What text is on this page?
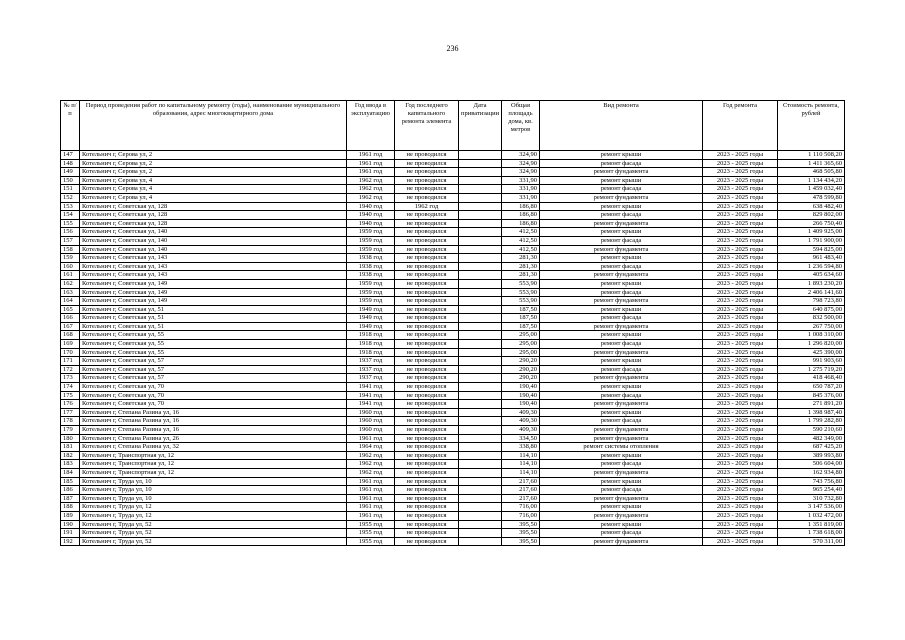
236
№ п/п	Период проведения работ по капитальному ремонту (годы), наименование муниципального образования, адрес многоквартирного дома	Год ввода в эксплуатацию	Год последнего капитального ремонта элемента	Дата приватизации	Общая площадь дома, кв. метров	Вид ремонта	Год ремонта	Стоимость ремонта, рублей
147	Котельнич г, Серова ул, 2	1961 год	не проводился		324,90	ремонт крыши	2023 - 2025 годы	1 110 508,20
148	Котельнич г, Серова ул, 2	1961 год	не проводился		324,90	ремонт фасада	2023 - 2025 годы	1 411 365,60
149	Котельнич г, Серова ул, 2	1961 год	не проводился		324,90	ремонт фундамента	2023 - 2025 годы	468 505,80
150	Котельнич г, Серова ул, 4	1962 год	не проводился		331,90	ремонт крыши	2023 - 2025 годы	1 134 434,20
151	Котельнич г, Серова ул, 4	1962 год	не проводился		331,90	ремонт фасада	2023 - 2025 годы	1 459 032,40
152	Котельнич г, Серова ул, 4	1962 год	не проводился		331,90	ремонт фундамента	2023 - 2025 годы	478 599,80
153	Котельнич г, Советская ул, 128	1940 год	1962 год		186,80	ремонт крыши	2023 - 2025 годы	638 482,40
154	Котельнич г, Советская ул, 128	1940 год	не проводился		186,80	ремонт фасада	2023 - 2025 годы	829 802,00
155	Котельнич г, Советская ул, 128	1940 год	не проводился		186,80	ремонт фундамента	2023 - 2025 годы	266 750,40
156	Котельнич г, Советская ул, 140	1959 год	не проводился		412,50	ремонт крыши	2023 - 2025 годы	1 409 925,00
157	Котельнич г, Советская ул, 140	1959 год	не проводился		412,50	ремонт фасада	2023 - 2025 годы	1 791 900,00
158	Котельнич г, Советская ул, 140	1959 год	не проводился		412,50	ремонт фундамента	2023 - 2025 годы	594 825,00
159	Котельнич г, Советская ул, 143	1938 год	не проводился		281,30	ремонт крыши	2023 - 2025 годы	961 483,40
160	Котельнич г, Советская ул, 143	1938 год	не проводился		281,30	ремонт фасада	2023 - 2025 годы	1 236 594,80
161	Котельнич г, Советская ул, 143	1938 год	не проводился		281,30	ремонт фундамента	2023 - 2025 годы	405 634,60
162	Котельнич г, Советская ул, 149	1959 год	не проводился		553,90	ремонт крыши	2023 - 2025 годы	1 893 230,20
163	Котельнич г, Советская ул, 149	1959 год	не проводился		553,90	ремонт фасада	2023 - 2025 годы	2 406 141,60
164	Котельнич г, Советская ул, 149	1959 год	не проводился		553,90	ремонт фундамента	2023 - 2025 годы	798 723,80
165	Котельнич г, Советская ул, 51	1949 год	не проводился		187,50	ремонт крыши	2023 - 2025 годы	640 875,00
166	Котельнич г, Советская ул, 51	1949 год	не проводился		187,50	ремонт фасада	2023 - 2025 годы	832 500,00
167	Котельнич г, Советская ул, 51	1949 год	не проводился		187,50	ремонт фундамента	2023 - 2025 годы	267 750,00
168	Котельнич г, Советская ул, 55	1918 год	не проводился		295,00	ремонт крыши	2023 - 2025 годы	1 008 310,00
169	Котельнич г, Советская ул, 55	1918 год	не проводился		295,00	ремонт фасада	2023 - 2025 годы	1 296 820,00
170	Котельнич г, Советская ул, 55	1918 год	не проводился		295,00	ремонт фундамента	2023 - 2025 годы	425 390,00
171	Котельнич г, Советская ул, 57	1937 год	не проводился		290,20	ремонт крыши	2023 - 2025 годы	991 903,60
172	Котельнич г, Советская ул, 57	1937 год	не проводился		290,20	ремонт фасада	2023 - 2025 годы	1 275 719,20
173	Котельнич г, Советская ул, 57	1937 год	не проводился		290,20	ремонт фундамента	2023 - 2025 годы	418 468,40
174	Котельнич г, Советская ул, 70	1941 год	не проводился		190,40	ремонт крыши	2023 - 2025 годы	650 787,20
175	Котельнич г, Советская ул, 70	1941 год	не проводился		190,40	ремонт фасада	2023 - 2025 годы	845 376,00
176	Котельнич г, Советская ул, 70	1941 год	не проводился		190,40	ремонт фундамента	2023 - 2025 годы	271 891,20
177	Котельнич г, Степана Разина ул, 16	1960 год	не проводился		409,30	ремонт крыши	2023 - 2025 годы	1 398 987,40
178	Котельнич г, Степана Разина ул, 16	1960 год	не проводился		409,30	ремонт фасада	2023 - 2025 годы	1 799 282,80
179	Котельнич г, Степана Разина ул, 16	1960 год	не проводился		409,30	ремонт фундамента	2023 - 2025 годы	590 210,60
180	Котельнич г, Степана Разина ул, 26	1961 год	не проводился		334,50	ремонт фундамента	2023 - 2025 годы	482 349,00
181	Котельнич г, Степана Разина ул, 32	1964 год	не проводился		338,80	ремонт системы отопления	2023 - 2025 годы	687 425,20
182	Котельнич г, Транспортная ул, 12	1962 год	не проводился		114,10	ремонт крыши	2023 - 2025 годы	389 993,80
183	Котельнич г, Транспортная ул, 12	1962 год	не проводился		114,10	ремонт фасада	2023 - 2025 годы	506 604,00
184	Котельнич г, Транспортная ул, 12	1962 год	не проводился		114,10	ремонт фундамента	2023 - 2025 годы	162 934,80
185	Котельнич г, Труда ул, 10	1961 год	не проводился		217,60	ремонт крыши	2023 - 2025 годы	743 756,80
186	Котельнич г, Труда ул, 10	1961 год	не проводился		217,60	ремонт фасада	2023 - 2025 годы	965 254,40
187	Котельнич г, Труда ул, 10	1961 год	не проводился		217,60	ремонт фундамента	2023 - 2025 годы	310 732,80
188	Котельнич г, Труда ул, 12	1961 год	не проводился		716,00	ремонт крыши	2023 - 2025 годы	3 147 536,00
189	Котельнич г, Труда ул, 12	1961 год	не проводился		716,00	ремонт фундамента	2023 - 2025 годы	1 032 472,00
190	Котельнич г, Труда ул, 52	1955 год	не проводился		395,50	ремонт крыши	2023 - 2025 годы	1 351 819,00
191	Котельнич г, Труда ул, 52	1955 год	не проводился		395,50	ремонт фасада	2023 - 2025 годы	1 738 618,00
192	Котельнич г, Труда ул, 52	1955 год	не проводился		395,50	ремонт фундамента	2023 - 2025 годы	570 311,00
